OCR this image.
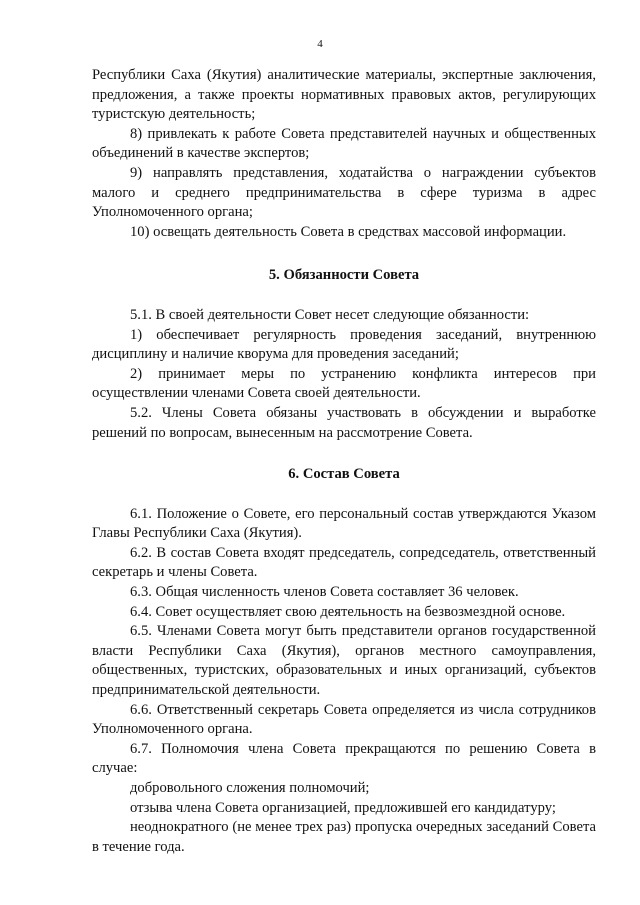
4

Республики Саха (Якутия) аналитические материалы, экспертные заключения, предложения, а также проекты нормативных правовых актов, регулирующих туристскую деятельность;

8) привлекать к работе Совета представителей научных и общественных объединений в качестве экспертов;

9) направлять представления, ходатайства о награждении субъектов малого и среднего предпринимательства в сфере туризма в адрес Уполномоченного органа;

10) освещать деятельность Совета в средствах массовой информации.

5. Обязанности Совета

5.1. В своей деятельности Совет несет следующие обязанности:

1) обеспечивает регулярность проведения заседаний, внутреннюю дисциплину и наличие кворума для проведения заседаний;

2) принимает меры по устранению конфликта интересов при осуществлении членами Совета своей деятельности.

5.2. Члены Совета обязаны участвовать в обсуждении и выработке решений по вопросам, вынесенным на рассмотрение Совета.

6. Состав Совета

6.1. Положение о Совете, его персональный состав утверждаются Указом Главы Республики Саха (Якутия).

6.2. В состав Совета входят председатель, сопредседатель, ответственный секретарь и члены Совета.

6.3. Общая численность членов Совета составляет 36 человек.

6.4. Совет осуществляет свою деятельность на безвозмездной основе.

6.5. Членами Совета могут быть представители органов государственной власти Республики Саха (Якутия), органов местного самоуправления, общественных, туристских, образовательных и иных организаций, субъектов предпринимательской деятельности.

6.6. Ответственный секретарь Совета определяется из числа сотрудников Уполномоченного органа.

6.7. Полномочия члена Совета прекращаются по решению Совета в случае:

добровольного сложения полномочий;

отзыва члена Совета организацией, предложившей его кандидатуру;

неоднократного (не менее трех раз) пропуска очередных заседаний Совета в течение года.
